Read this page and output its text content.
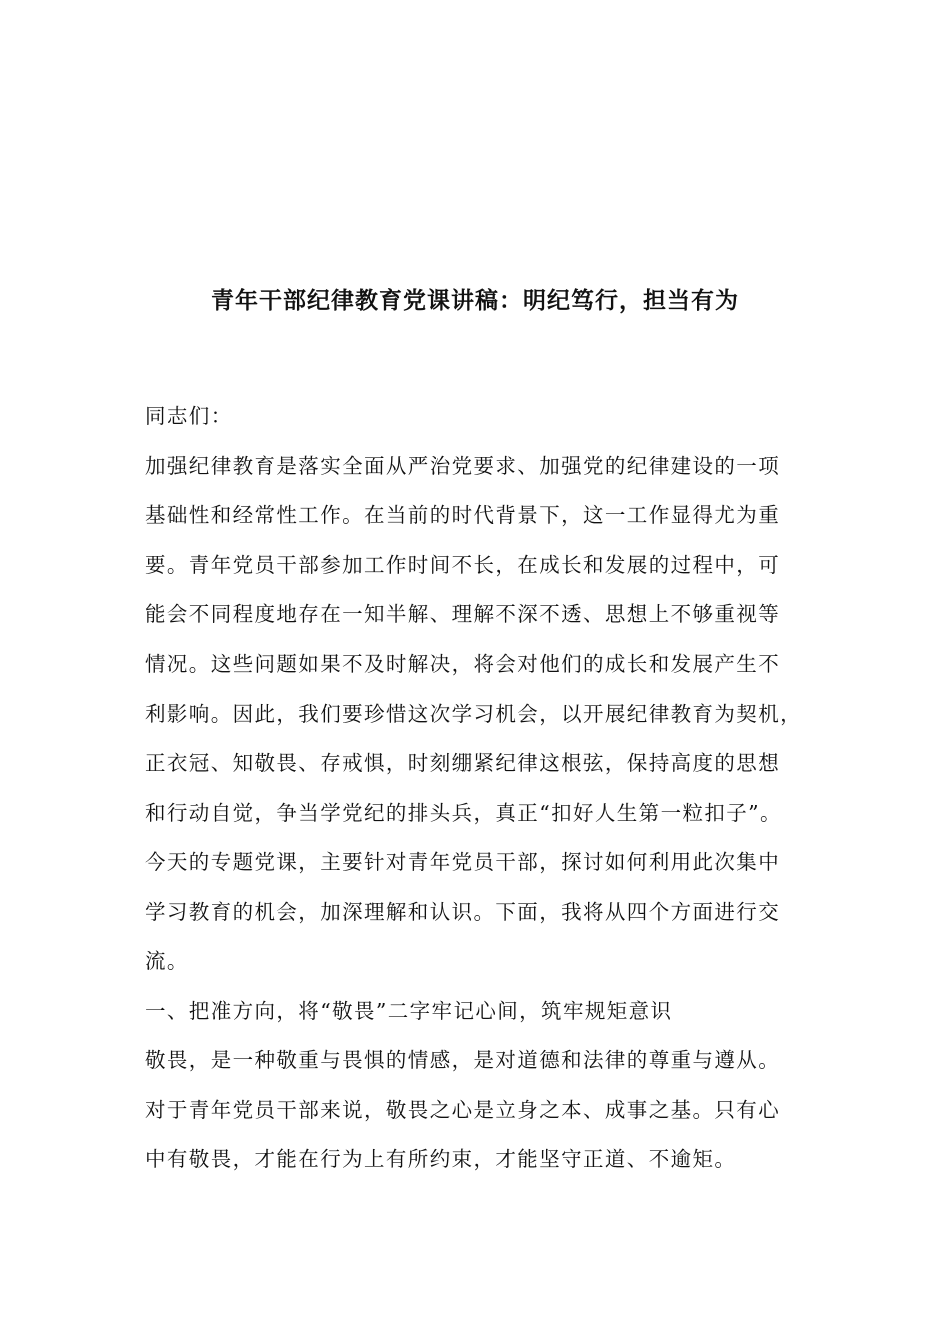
青年干部纪律教育党课讲稿：明纪笃行，担当有为
同志们：
加强纪律教育是落实全面从严治党要求、加强党的纪律建设的一项
基础性和经常性工作。在当前的时代背景下，这一工作显得尤为重
要。青年党员干部参加工作时间不长，在成长和发展的过程中，可
能会不同程度地存在一知半解、理解不深不透、思想上不够重视等
情况。这些问题如果不及时解决，将会对他们的成长和发展产生不
利影响。因此，我们要珍惜这次学习机会，以开展纪律教育为契机，
正衣冠、知敬畏、存戒惧，时刻绷紧纪律这根弦，保持高度的思想
和行动自觉，争当学党纪的排头兵，真正“扣好人生第一粒扣子”。
今天的专题党课，主要针对青年党员干部，探讨如何利用此次集中
学习教育的机会，加深理解和认识。下面，我将从四个方面进行交
流。
一、把准方向，将“敬畏”二字牢记心间，筑牢规矩意识
敬畏，是一种敬重与畏惧的情感，是对道德和法律的尊重与遵从。
对于青年党员干部来说，敬畏之心是立身之本、成事之基。只有心
中有敬畏，才能在行为上有所约束，才能坚守正道、不逾矩。
